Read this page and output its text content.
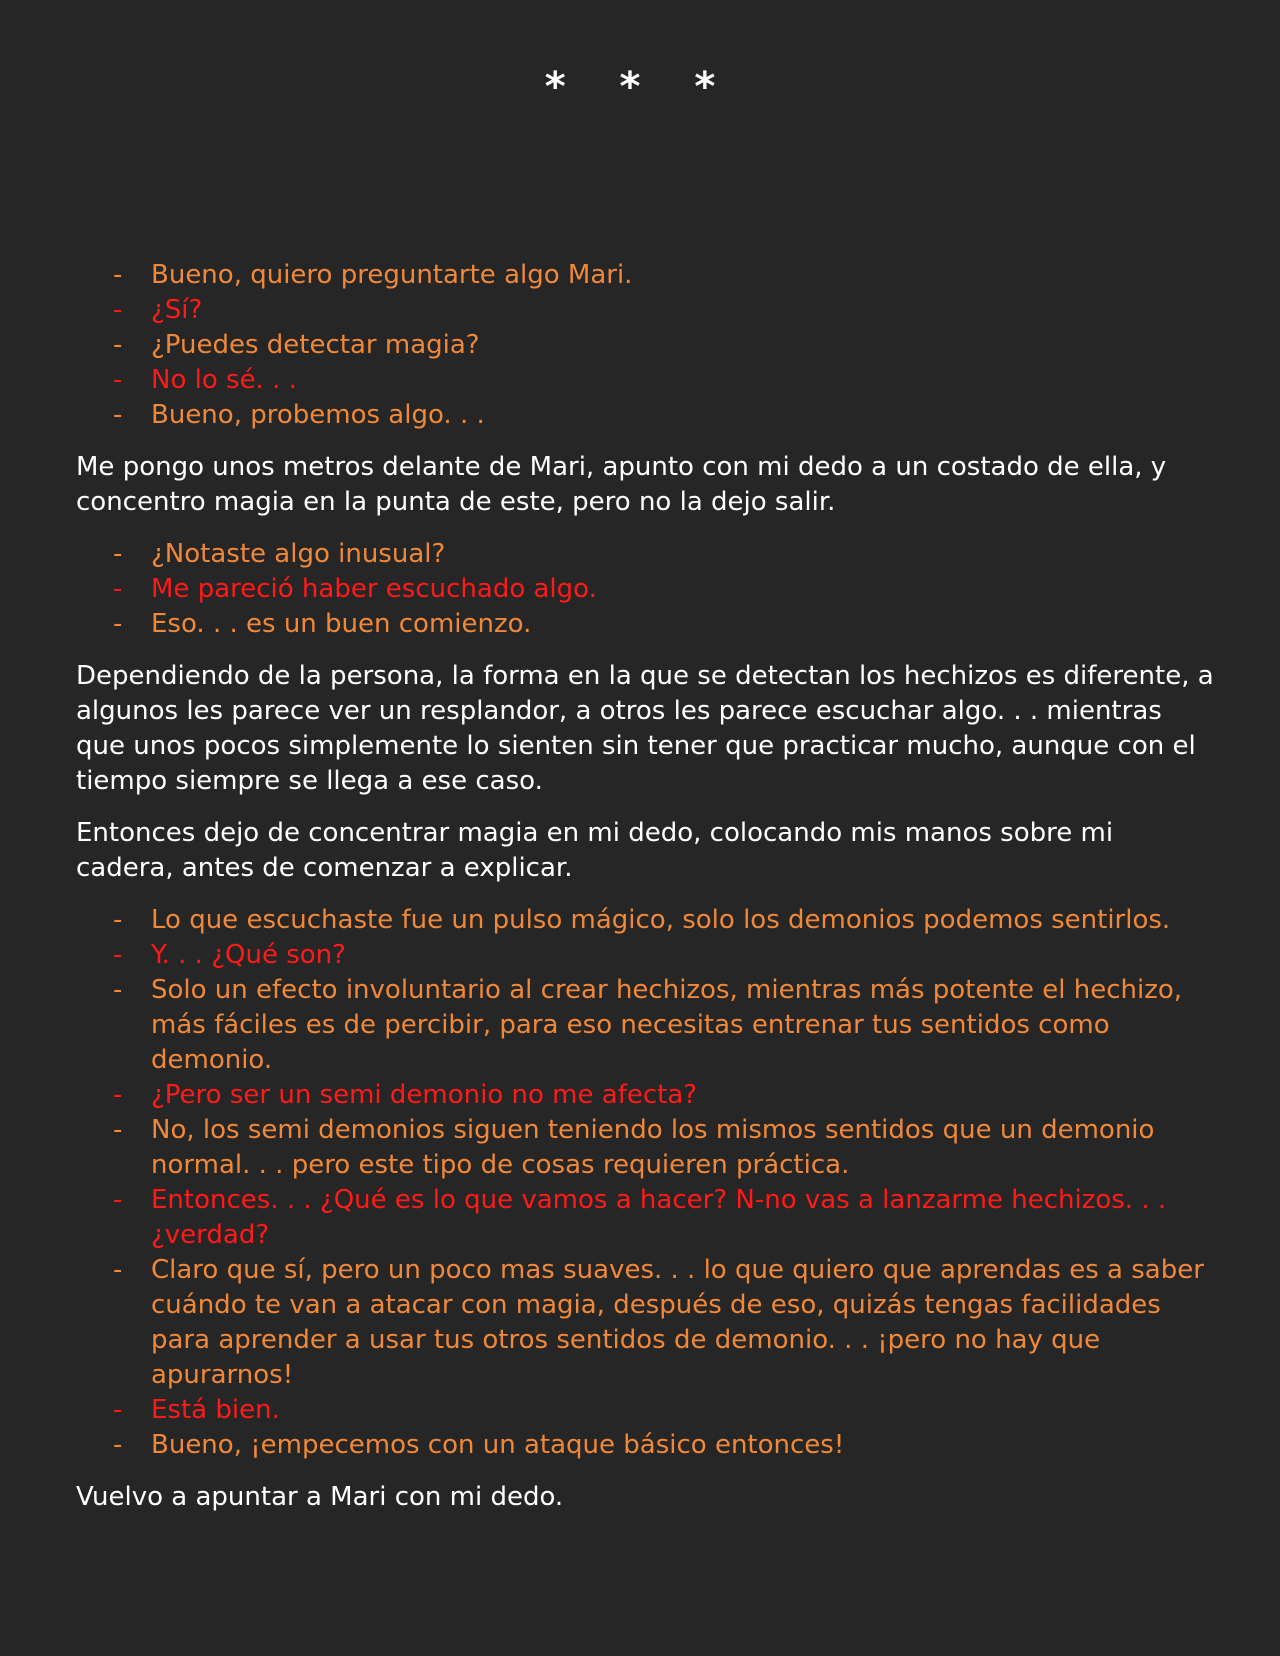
* * *
- Bueno, quiero preguntarte algo Mari.
- ¿Sí?
- ¿Puedes detectar magia?
- No lo sé. . .
- Bueno, probemos algo. . .

Me pongo unos metros delante de Mari, apunto con mi dedo a un costado de ella, y concentro magia en la punta de este, pero no la dejo salir.

- ¿Notaste algo inusual?
- Me pareció haber escuchado algo.
- Eso. . . es un buen comienzo.

Dependiendo de la persona, la forma en la que se detectan los hechizos es diferente, a algunos les parece ver un resplandor, a otros les parece escuchar algo. . . mientras que unos pocos simplemente lo sienten sin tener que practicar mucho, aunque con el tiempo siempre se llega a ese caso.

Entonces dejo de concentrar magia en mi dedo, colocando mis manos sobre mi cadera, antes de comenzar a explicar.

- Lo que escuchaste fue un pulso mágico, solo los demonios podemos sentirlos.
- Y. . . ¿Qué son?
- Solo un efecto involuntario al crear hechizos, mientras más potente el hechizo, más fáciles es de percibir, para eso necesitas entrenar tus sentidos como demonio.
- ¿Pero ser un semi demonio no me afecta?
- No, los semi demonios siguen teniendo los mismos sentidos que un demonio normal. . . pero este tipo de cosas requieren práctica.
- Entonces. . . ¿Qué es lo que vamos a hacer? N-no vas a lanzarme hechizos. . . ¿verdad?
- Claro que sí, pero un poco mas suaves. . . lo que quiero que aprendas es a saber cuándo te van a atacar con magia, después de eso, quizás tengas facilidades para aprender a usar tus otros sentidos de demonio. . . ¡pero no hay que apurarnos!
- Está bien.
- Bueno, ¡empecemos con un ataque básico entonces!

Vuelvo a apuntar a Mari con mi dedo.
